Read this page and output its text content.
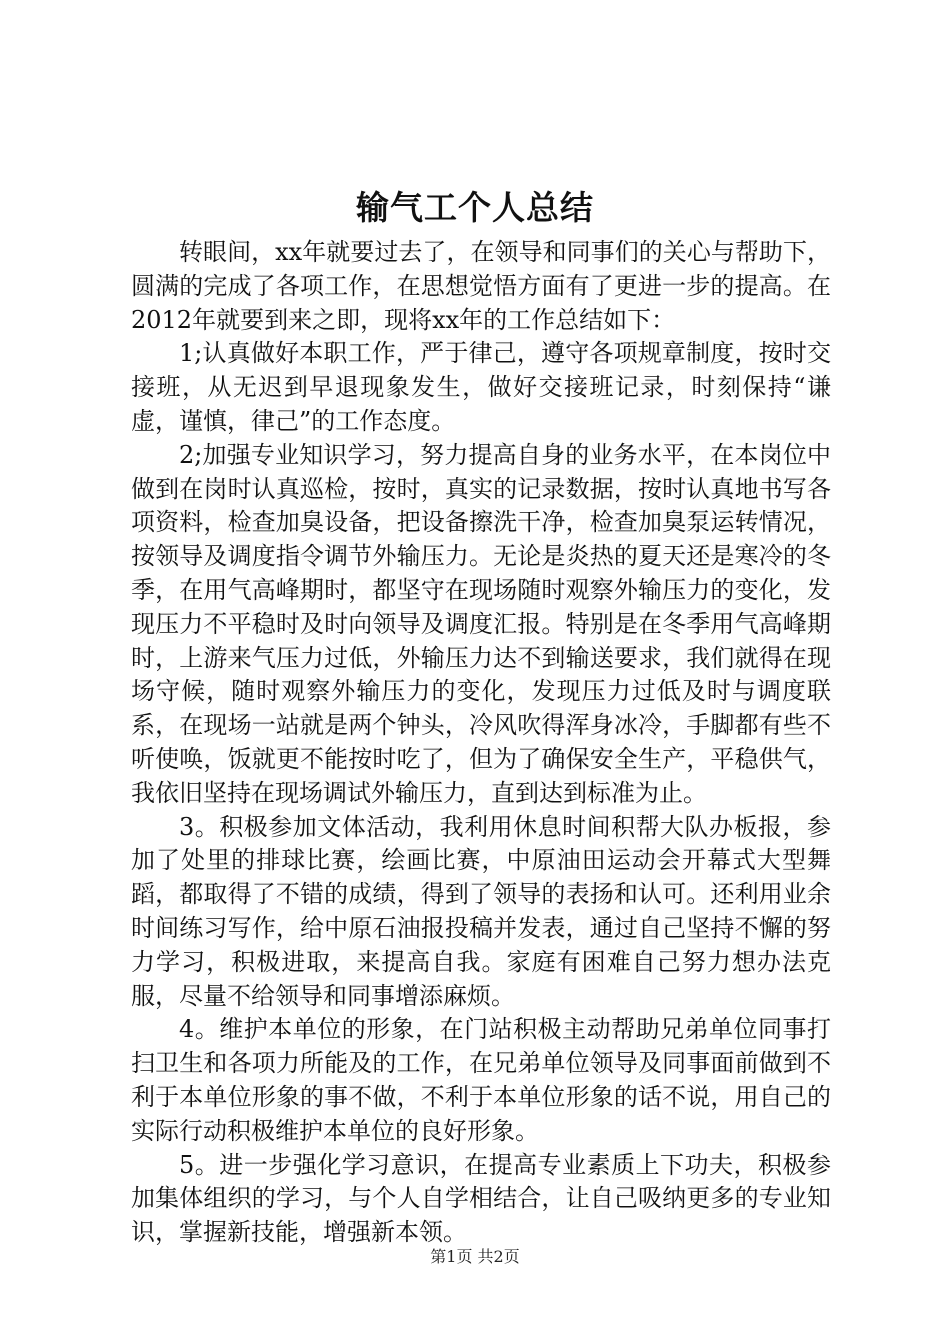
输气工个人总结

转眼间，xx年就要过去了，在领导和同事们的关心与帮助下，圆满的完成了各项工作，在思想觉悟方面有了更进一步的提高。在2012年就要到来之即，现将xx年的工作总结如下：

1;认真做好本职工作，严于律己，遵守各项规章制度，按时交接班，从无迟到早退现象发生，做好交接班记录，时刻保持“谦虚，谨慎，律己”的工作态度。

2;加强专业知识学习，努力提高自身的业务水平，在本岗位中做到在岗时认真巡检，按时，真实的记录数据，按时认真地书写各项资料，检查加臭设备，把设备擦洗干净，检查加臭泵运转情况，按领导及调度指令调节外输压力。无论是炎热的夏天还是寒冷的冬季，在用气高峰期时，都坚守在现场随时观察外输压力的变化，发现压力不平稳时及时向领导及调度汇报。特别是在冬季用气高峰期时，上游来气压力过低，外输压力达不到输送要求，我们就得在现场守候，随时观察外输压力的变化，发现压力过低及时与调度联系，在现场一站就是两个钟头，冷风吹得浑身冰冷，手脚都有些不听使唤，饭就更不能按时吃了，但为了确保安全生产，平稳供气，我依旧坚持在现场调试外输压力，直到达到标准为止。

3。积极参加文体活动，我利用休息时间积帮大队办板报，参加了处里的排球比赛，绘画比赛，中原油田运动会开幕式大型舞蹈，都取得了不错的成绩，得到了领导的表扬和认可。还利用业余时间练习写作，给中原石油报投稿并发表，通过自己坚持不懈的努力学习，积极进取，来提高自我。家庭有困难自己努力想办法克服，尽量不给领导和同事增添麻烦。

4。维护本单位的形象，在门站积极主动帮助兄弟单位同事打扫卫生和各项力所能及的工作，在兄弟单位领导及同事面前做到不利于本单位形象的事不做，不利于本单位形象的话不说，用自己的实际行动积极维护本单位的良好形象。

5。进一步强化学习意识，在提高专业素质上下功夫，积极参加集体组织的学习，与个人自学相结合，让自己吸纳更多的专业知识，掌握新技能，增强新本领。

第1页 共2页
